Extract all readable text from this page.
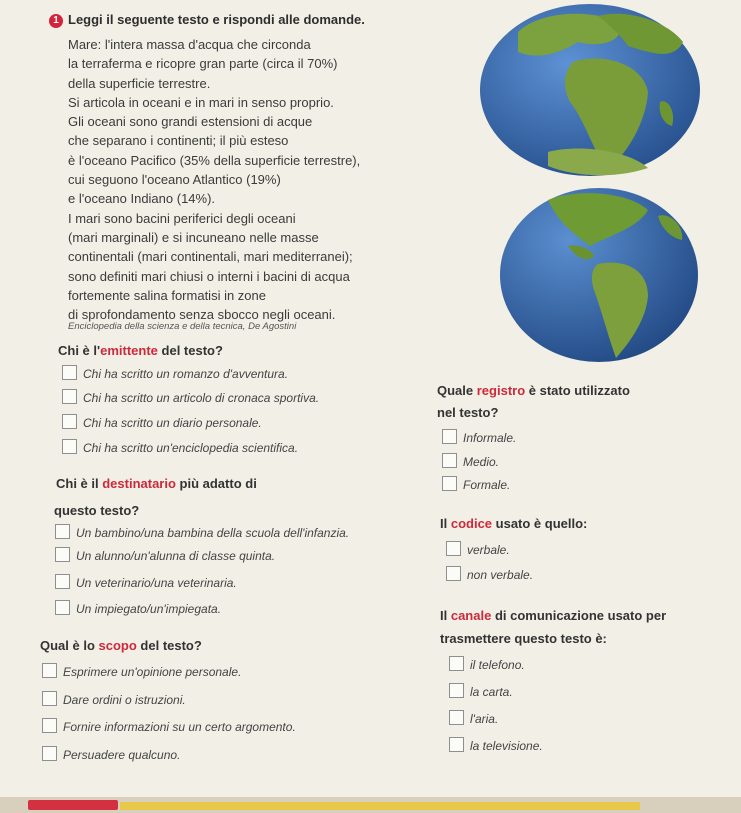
1 Leggi il seguente testo e rispondi alle domande.
Mare: l'intera massa d'acqua che circonda
la terraferma e ricopre gran parte (circa il 70%)
della superficie terrestre.
Si articola in oceani e in mari in senso proprio.
Gli oceani sono grandi estensioni di acque
che separano i continenti; il più esteso
è l'oceano Pacifico (35% della superficie terrestre),
cui seguono l'oceano Atlantico (19%)
e l'oceano Indiano (14%).
I mari sono bacini periferici degli oceani
(mari marginali) e si incuneano nelle masse
continentali (mari continentali, mari mediterranei);
sono definiti mari chiusi o interni i bacini di acqua
fortemente salina formatisi in zone
di sprofondamento senza sbocco negli oceani.
Enciclopedia della scienza e della tecnica, De Agostini
Chi è l'emittente del testo?
Chi ha scritto un romanzo d'avventura.
Chi ha scritto un articolo di cronaca sportiva.
Chi ha scritto un diario personale.
Chi ha scritto un'enciclopedia scientifica.
Chi è il destinatario più adatto di
questo testo?
Un bambino/una bambina della scuola dell'infanzia.
Un alunno/un'alunna di classe quinta.
Un veterinario/una veterinaria.
Un impiegato/un'impiegata.
Qual è lo scopo del testo?
Esprimere un'opinione personale.
Dare ordini o istruzioni.
Fornire informazioni su un certo argomento.
Persuadere qualcuno.
Quale registro è stato utilizzato
nel testo?
Informale.
Medio.
Formale.
Il codice usato è quello:
verbale.
non verbale.
Il canale di comunicazione usato per
trasmettere questo testo è:
il telefono.
la carta.
l'aria.
la televisione.
